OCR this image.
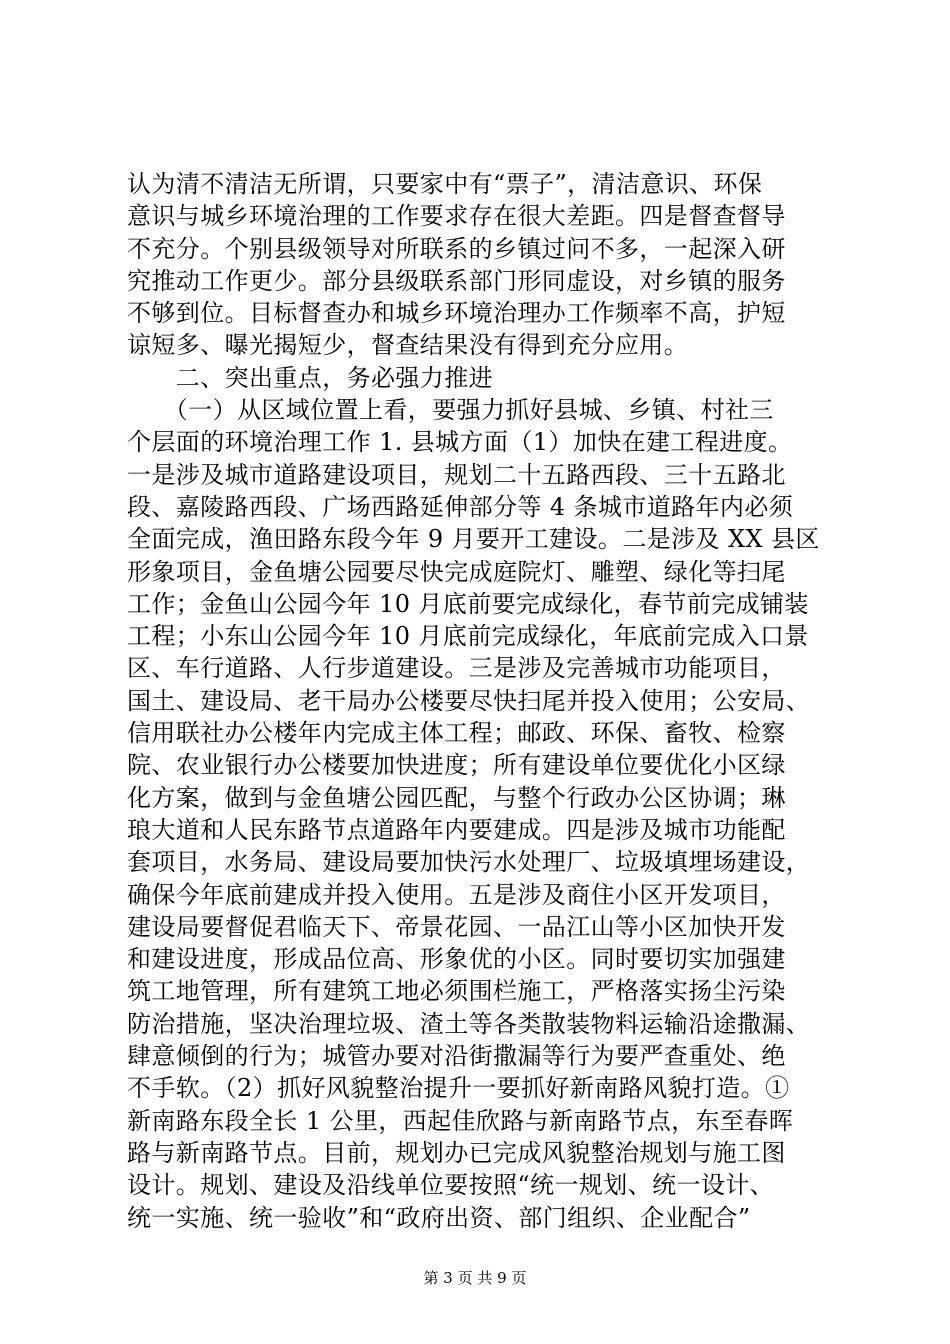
认为清不清洁无所谓，只要家中有“票子”，清洁意识、环保
意识与城乡环境治理的工作要求存在很大差距。四是督查督导
不充分。个别县级领导对所联系的乡镇过问不多，一起深入研
究推动工作更少。部分县级联系部门形同虚设，对乡镇的服务
不够到位。目标督查办和城乡环境治理办工作频率不高，护短
谅短多、曝光揭短少，督查结果没有得到充分应用。
　　二、突出重点，务必强力推进
　　（一）从区域位置上看，要强力抓好县城、乡镇、村社三
个层面的环境治理工作 1. 县城方面（1）加快在建工程进度。
一是涉及城市道路建设项目，规划二十五路西段、三十五路北
段、嘉陵路西段、广场西路延伸部分等 4 条城市道路年内必须
全面完成，渔田路东段今年 9 月要开工建设。二是涉及 XX 县区
形象项目，金鱼塘公园要尽快完成庭院灯、雕塑、绿化等扫尾
工作；金鱼山公园今年 10 月底前要完成绿化，春节前完成铺装
工程；小东山公园今年 10 月底前完成绿化，年底前完成入口景
区、车行道路、人行步道建设。三是涉及完善城市功能项目，
国土、建设局、老干局办公楼要尽快扫尾并投入使用；公安局、
信用联社办公楼年内完成主体工程；邮政、环保、畜牧、检察
院、农业银行办公楼要加快进度；所有建设单位要优化小区绿
化方案，做到与金鱼塘公园匹配，与整个行政办公区协调；琳
琅大道和人民东路节点道路年内要建成。四是涉及城市功能配
套项目，水务局、建设局要加快污水处理厂、垃圾填埋场建设，
确保今年底前建成并投入使用。五是涉及商住小区开发项目，
建设局要督促君临天下、帝景花园、一品江山等小区加快开发
和建设进度，形成品位高、形象优的小区。同时要切实加强建
筑工地管理，所有建筑工地必须围栏施工，严格落实扬尘污染
防治措施，坚决治理垃圾、渣土等各类散装物料运输沿途撒漏、
肆意倾倒的行为；城管办要对沿街撒漏等行为要严查重处、绝
不手软。（2）抓好风貌整治提升一要抓好新南路风貌打造。①
新南路东段全长 1 公里，西起佳欣路与新南路节点，东至春晖
路与新南路节点。目前，规划办已完成风貌整治规划与施工图
设计。规划、建设及沿线单位要按照“统一规划、统一设计、
统一实施、统一验收”和“政府出资、部门组织、企业配合”
第 3 页 共 9 页
